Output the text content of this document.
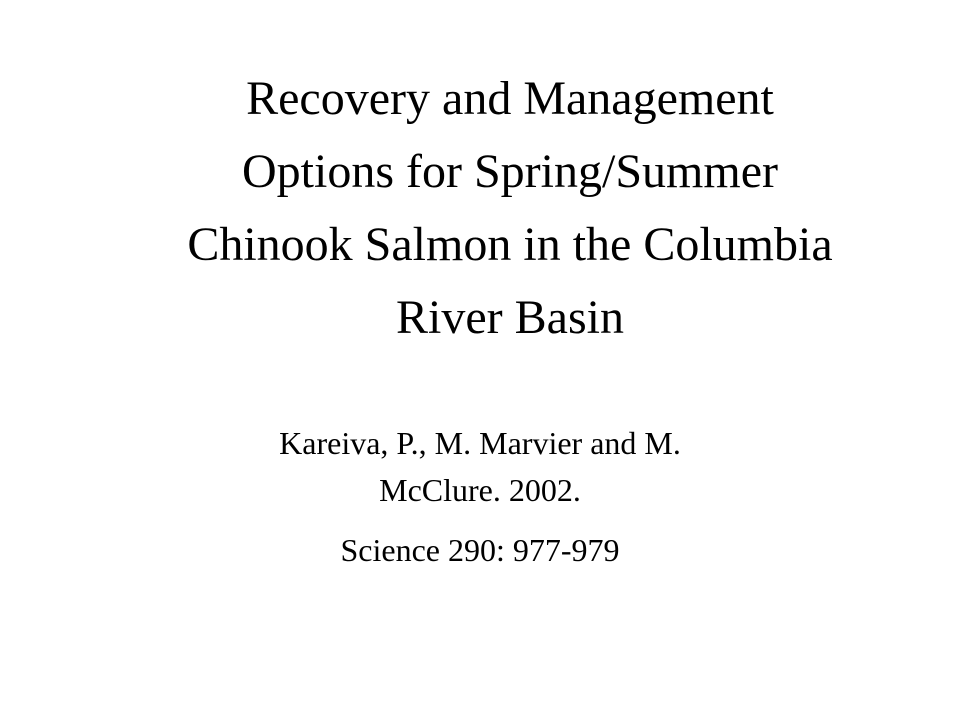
Recovery and Management
Options for Spring/Summer
Chinook Salmon in the Columbia
River Basin
Kareiva, P., M. Marvier and M.
McClure. 2002.
Science 290: 977-979
